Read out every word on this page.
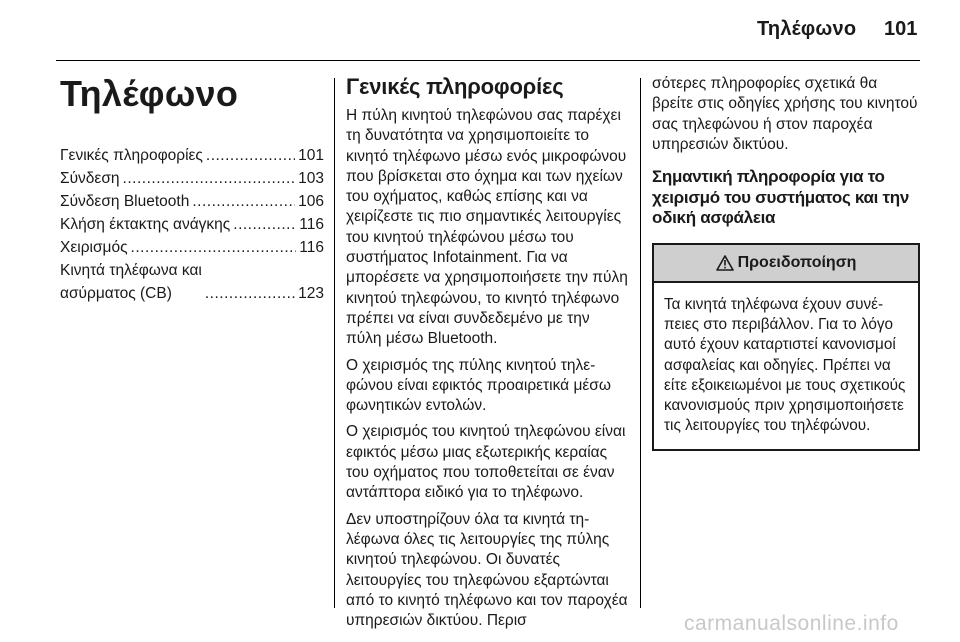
Τηλέφωνο 101
Τηλέφωνο
Γενικές πληροφορίες .....	101
Σύνδεση .....	103
Σύνδεση Bluetooth .....	106
Κλήση έκτακτης ανάγκης .....	116
Χειρισμός .....	116
Κινητά τηλέφωνα και
ασύρματος (CB) .....	123
Γενικές πληροφορίες

Η πύλη κινητού τηλεφώνου σας παρέχει τη δυνατότητα να χρησιμοποιείτε το κινητό τηλέφωνο μέσω ενός μικροφώνου που βρίσκεται στο όχημα και των ηχείων του οχήματος, καθώς επίσης και να χειρίζεστε τις πιο σημαντικές λειτουργίες του κινητού τηλέφώνου μέσω του συστήματος Infotainment. Για να μπορέσετε να χρησιμοποιήσετε την πύλη κινητού τηλεφώνου, το κινητό τηλέφωνο πρέπει να είναι συνδεδεμένο με την πύλη μέσω Bluetooth.

Ο χειρισμός της πύλης κινητού τηλεφώνου είναι εφικτός προαιρετικά μέσω φωνητικών εντολών.

Ο χειρισμός του κινητού τηλεφώνου είναι εφικτός μέσω μιας εξωτερικής κεραίας του οχήματος που τοποθετείται σε έναν αντάπτορα ειδικό για το τηλέφωνο.

Δεν υποστηρίζουν όλα τα κινητά τηλέφωνα όλες τις λειτουργίες της πύλης κινητού τηλεφώνου. Οι δυνατές λειτουργίες του τηλεφώνου εξαρτώνται από το κινητό τηλέφωνο και τον παροχέα υπηρεσιών δικτύου. Περισ

σότερες πληροφορίες σχετικά θα βρείτε στις οδηγίες χρήσης του κινητού σας τηλεφώνου ή στον παροχέα υπηρεσιών δικτύου.

Σημαντική πληροφορία για το χειρισμό του συστήματος και την οδική ασφάλεια
Προειδοποίηση

Τα κινητά τηλέφωνα έχουν συνέπειες στο περιβάλλον. Για το λόγο αυτό έχουν καταρτιστεί κανονισμοί ασφαλείας και οδηγίες. Πρέπει να είτε εξοικειωμένοι με τους σχετικούς κανονισμούς πριν χρησιμοποιήσετε τις λειτουργίες του τηλέφώνου.

carmanualsonline.info
